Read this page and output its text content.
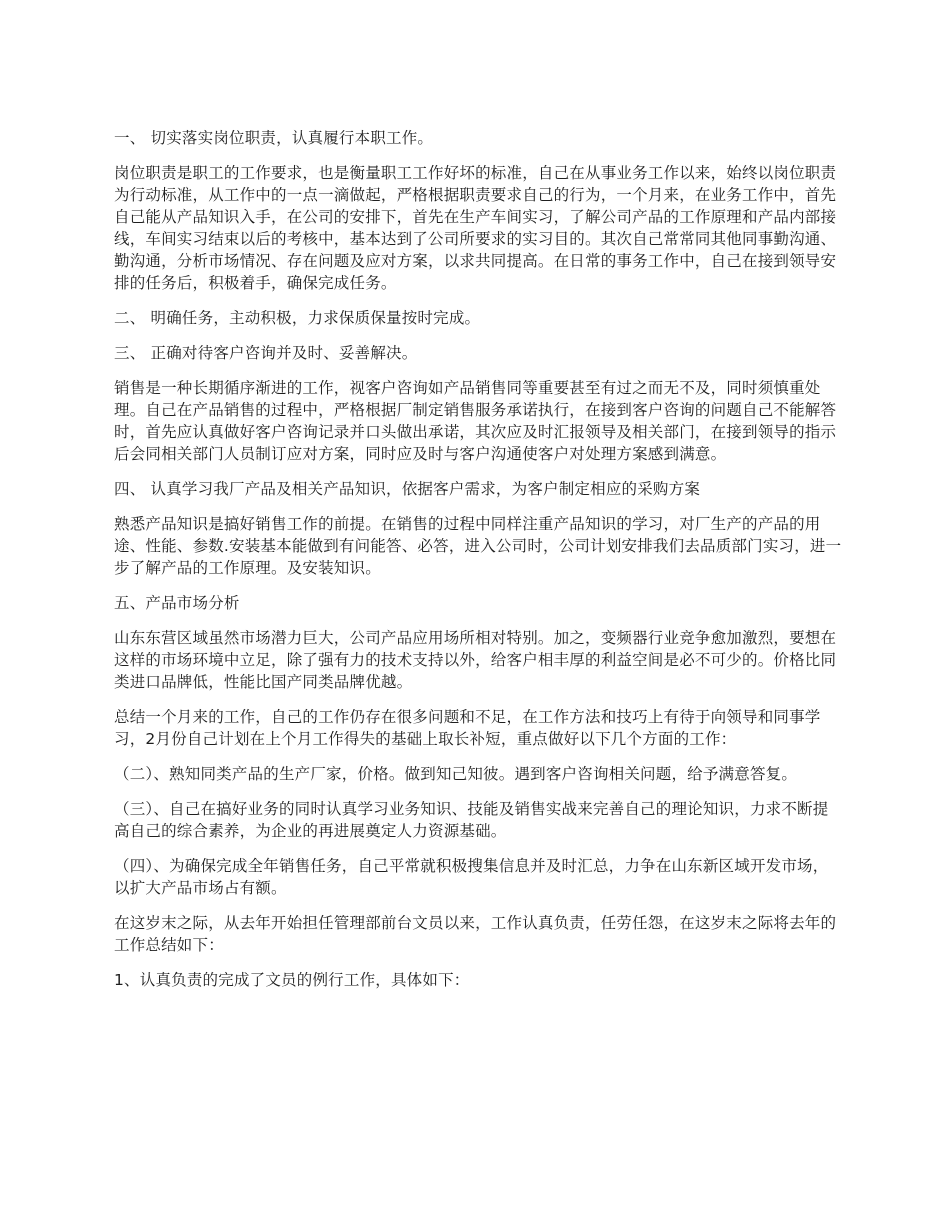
一、 切实落实岗位职责，认真履行本职工作。

岗位职责是职工的工作要求，也是衡量职工工作好坏的标准，自己在从事业务工作以来，始终以岗位职责为行动标准，从工作中的一点一滴做起，严格根据职责要求自己的行为，一个月来，在业务工作中，首先自己能从产品知识入手，在公司的安排下，首先在生产车间实习，了解公司产品的工作原理和产品内部接线，车间实习结束以后的考核中，基本达到了公司所要求的实习目的。其次自己常常同其他同事勤沟通、勤沟通，分析市场情况、存在问题及应对方案，以求共同提高。在日常的事务工作中，自己在接到领导安排的任务后，积极着手，确保完成任务。

二、 明确任务，主动积极，力求保质保量按时完成。

三、 正确对待客户咨询并及时、妥善解决。

销售是一种长期循序渐进的工作，视客户咨询如产品销售同等重要甚至有过之而无不及，同时须慎重处理。自己在产品销售的过程中，严格根据厂制定销售服务承诺执行，在接到客户咨询的问题自己不能解答时，首先应认真做好客户咨询记录并口头做出承诺，其次应及时汇报领导及相关部门，在接到领导的指示后会同相关部门人员制订应对方案，同时应及时与客户沟通使客户对处理方案感到满意。

四、 认真学习我厂产品及相关产品知识，依据客户需求，为客户制定相应的采购方案

熟悉产品知识是搞好销售工作的前提。在销售的过程中同样注重产品知识的学习，对厂生产的产品的用途、性能、参数.安装基本能做到有问能答、必答，进入公司时，公司计划安排我们去品质部门实习，进一步了解产品的工作原理。及安装知识。

五、产品市场分析

山东东营区域虽然市场潜力巨大，公司产品应用场所相对特别。加之，变频器行业竞争愈加激烈，要想在这样的市场环境中立足，除了强有力的技术支持以外，给客户相丰厚的利益空间是必不可少的。价格比同类进口品牌低，性能比国产同类品牌优越。

总结一个月来的工作，自己的工作仍存在很多问题和不足，在工作方法和技巧上有待于向领导和同事学习，2月份自己计划在上个月工作得失的基础上取长补短，重点做好以下几个方面的工作：

（二）、熟知同类产品的生产厂家，价格。做到知己知彼。遇到客户咨询相关问题，给予满意答复。

（三）、自己在搞好业务的同时认真学习业务知识、技能及销售实战来完善自己的理论知识，力求不断提高自己的综合素养，为企业的再进展奠定人力资源基础。

（四）、为确保完成全年销售任务，自己平常就积极搜集信息并及时汇总，力争在山东新区域开发市场，以扩大产品市场占有额。

在这岁末之际，从去年开始担任管理部前台文员以来，工作认真负责，任劳任怨，在这岁末之际将去年的工作总结如下：

1、认真负责的完成了文员的例行工作，具体如下：
